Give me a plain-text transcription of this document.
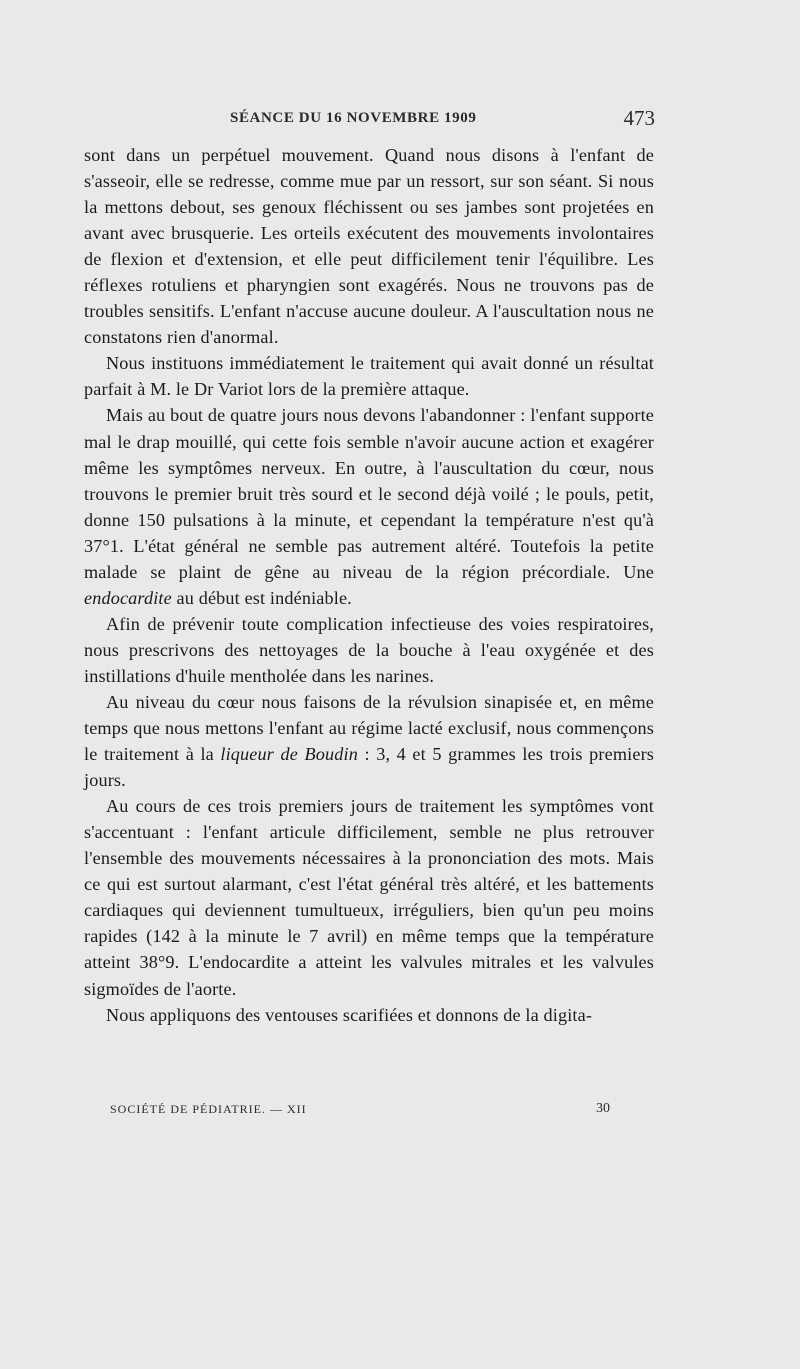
SÉANCE DU 16 NOVEMBRE 1909	473

sont dans un perpétuel mouvement. Quand nous disons à l'enfant de s'asseoir, elle se redresse, comme mue par un ressort, sur son séant. Si nous la mettons debout, ses genoux fléchissent ou ses jambes sont projetées en avant avec brusquerie. Les orteils exécutent des mouvements involontaires de flexion et d'extension, et elle peut difficilement tenir l'équilibre. Les réflexes rotuliens et pharyngien sont exagérés. Nous ne trouvons pas de troubles sensitifs. L'enfant n'accuse aucune douleur. A l'auscultation nous ne constatons rien d'anormal.

Nous instituons immédiatement le traitement qui avait donné un résultat parfait à M. le Dr Variot lors de la première attaque.

Mais au bout de quatre jours nous devons l'abandonner : l'enfant supporte mal le drap mouillé, qui cette fois semble n'avoir aucune action et exagérer même les symptômes nerveux. En outre, à l'auscultation du cœur, nous trouvons le premier bruit très sourd et le second déjà voilé ; le pouls, petit, donne 150 pulsations à la minute, et cependant la température n'est qu'à 37°1. L'état général ne semble pas autrement altéré. Toutefois la petite malade se plaint de gêne au niveau de la région précordiale. Une endocardite au début est indéniable.

Afin de prévenir toute complication infectieuse des voies respiratoires, nous prescrivons des nettoyages de la bouche à l'eau oxygénée et des instillations d'huile mentholée dans les narines.

Au niveau du cœur nous faisons de la révulsion sinapisée et, en même temps que nous mettons l'enfant au régime lacté exclusif, nous commençons le traitement à la liqueur de Boudin : 3, 4 et 5 grammes les trois premiers jours.

Au cours de ces trois premiers jours de traitement les symptômes vont s'accentuant : l'enfant articule difficilement, semble ne plus retrouver l'ensemble des mouvements nécessaires à la prononciation des mots. Mais ce qui est surtout alarmant, c'est l'état général très altéré, et les battements cardiaques qui deviennent tumultueux, irréguliers, bien qu'un peu moins rapides (142 à la minute le 7 avril) en même temps que la température atteint 38°9. L'endocardite a atteint les valvules mitrales et les valvules sigmoïdes de l'aorte.

Nous appliquons des ventouses scarifiées et donnons de la digita-

SOCIÉTÉ DE PÉDIATRIE. — XII	30
